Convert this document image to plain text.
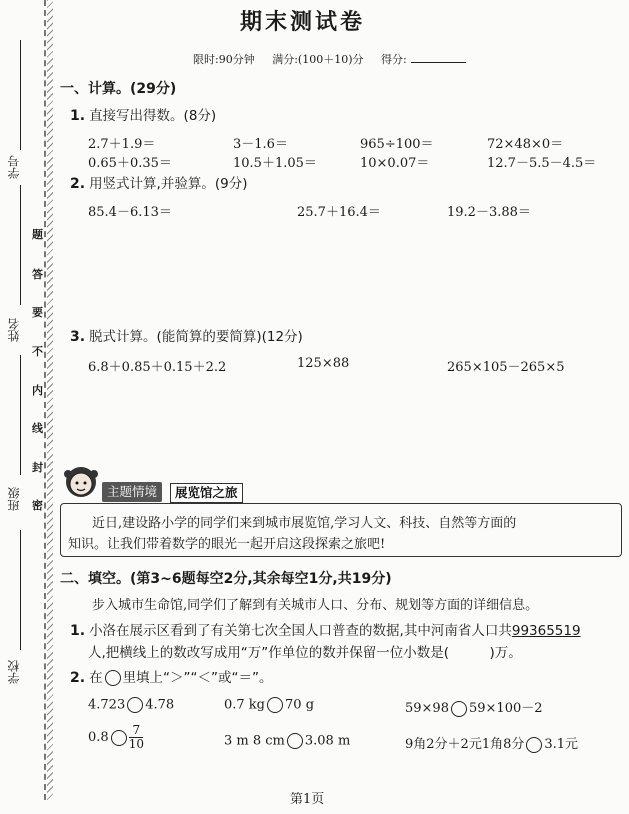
学号
姓名
班级
学校
题
答
要
不
内
线
封
密
期末测试卷
限时:90分钟 满分:(100＋10)分 得分:
一、计算。(29分)
1. 直接写出得数。(8分)
2.7＋1.9＝	3－1.6＝	965÷100＝	72×48×0＝
0.65＋0.35＝	10.5＋1.05＝	10×0.07＝	12.7－5.5－4.5＝
2. 用竖式计算,并验算。(9分)
85.4－6.13＝	25.7＋16.4＝	19.2－3.88＝
3. 脱式计算。(能简算的要简算)(12分)
6.8＋0.85＋0.15＋2.2	125×88	265×105－265×5
主题情境	展览馆之旅
近日,建设路小学的同学们来到城市展览馆,学习人文、科技、自然等方面的
知识。让我们带着数学的眼光一起开启这段探索之旅吧!
二、填空。(第3~6题每空2分,其余每空1分,共19分)
步入城市生命馆,同学们了解到有关城市人口、分布、规划等方面的详细信息。
1. 小洛在展示区看到了有关第七次全国人口普查的数据,其中河南省人口共99365519
人,把横线上的数改写成用“万”作单位的数并保留一位小数是(　　　)万。
2. 在 里填上“＞”“＜”或“＝”。
4.723 4.78	0.7 kg 70 g	59×98 59×100－2
$0.8 \frac{7}{10}$	3 m 8 cm 3.08 m	9角2分＋2元1角8分 3.1元
第1页
